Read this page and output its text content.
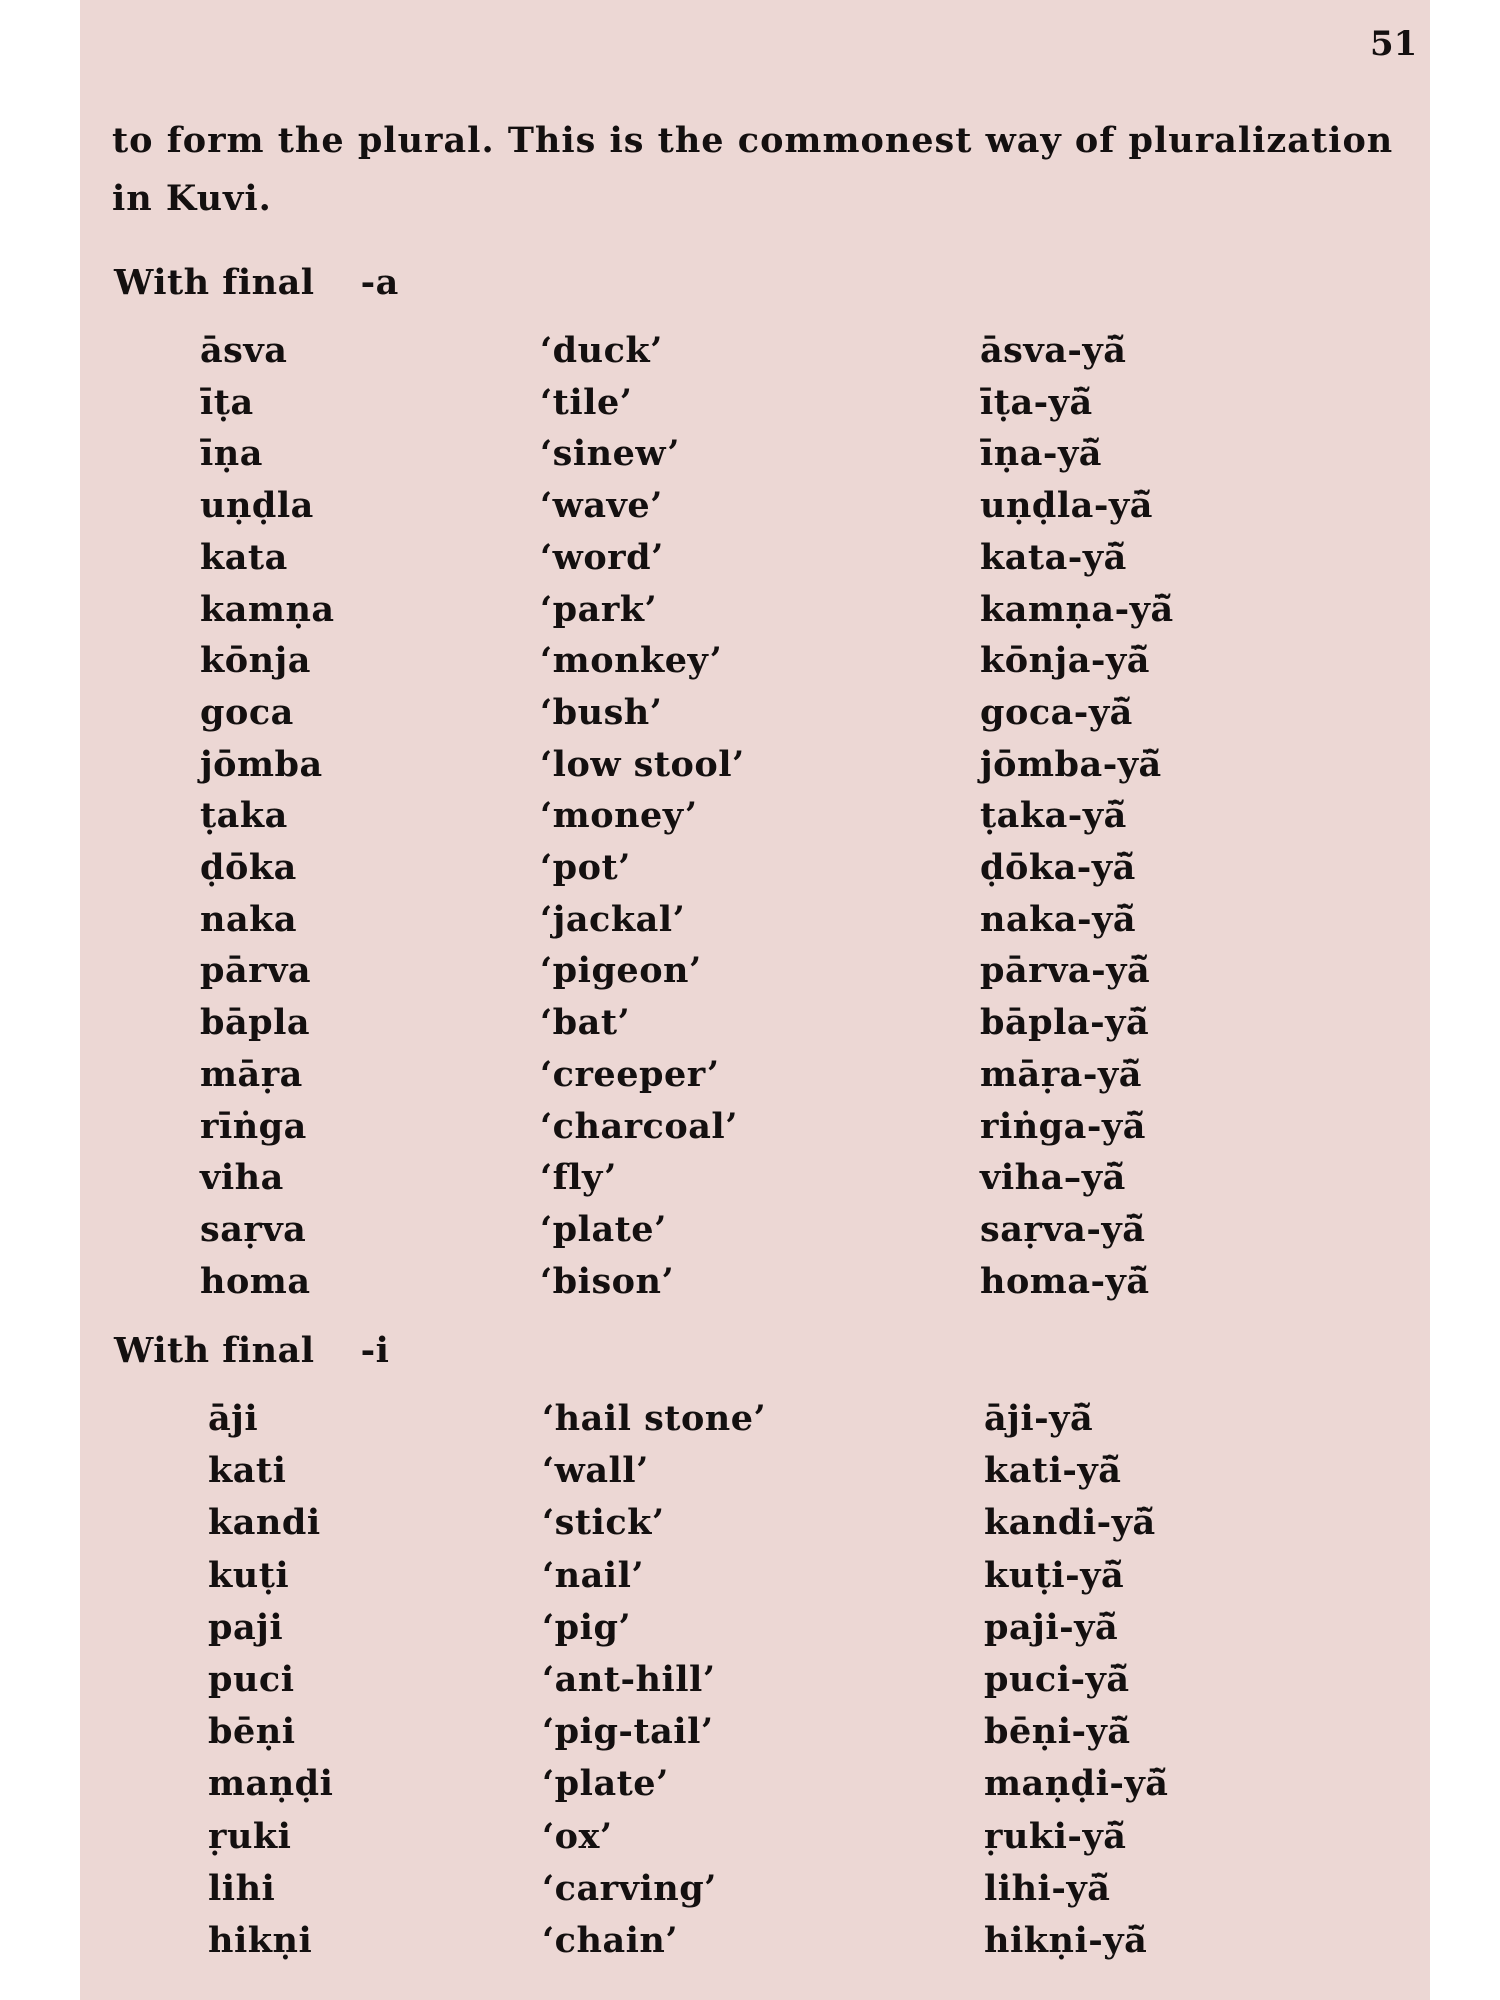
51

to form the plural. This is the commonest way of pluralization

in Kuvi.

With final -a
āsva	‘duck’	āsva-yā̃
īṭa	‘tile’	īṭa-yā̃
īṇa	‘sinew’	īṇa-yā̃
uṇḍla	‘wave’	uṇḍla-yā̃
kata	‘word’	kata-yā̃
kamṇa	‘park’	kamṇa-yā̃
kōnja	‘monkey’	kōnja-yā̃
goca	‘bush’	goca-yā̃
jōmba	‘low stool’	jōmba-yā̃
ṭaka	‘money’	ṭaka-yā̃
ḍōka	‘pot’	ḍōka-yā̃
naka	‘jackal’	naka-yā̃
pārva	‘pigeon’	pārva-yā̃
bāpla	‘bat’	bāpla-yā̃
māṛa	‘creeper’	māṛa-yā̃
rīṅga	‘charcoal’	riṅga-yā̃
viha	‘fly’	viha–yā̃
saṛva	‘plate’	saṛva-yā̃
homa	‘bison’	homa-yā̃
With final -i
āji	‘hail stone’	āji-yā̃
kati	‘wall’	kati-yā̃
kandi	‘stick’	kandi-yā̃
kuṭi	‘nail’	kuṭi-yā̃
paji	‘pig’	paji-yā̃
puci	‘ant-hill’	puci-yā̃
bēṇi	‘pig-tail’	bēṇi-yā̃
maṇḍi	‘plate’	maṇḍi-yā̃
ṛuki	‘ox’	ṛuki-yā̃
lihi	‘carving’	lihi-yā̃
hikṇi	‘chain’	hikṇi-yā̃
